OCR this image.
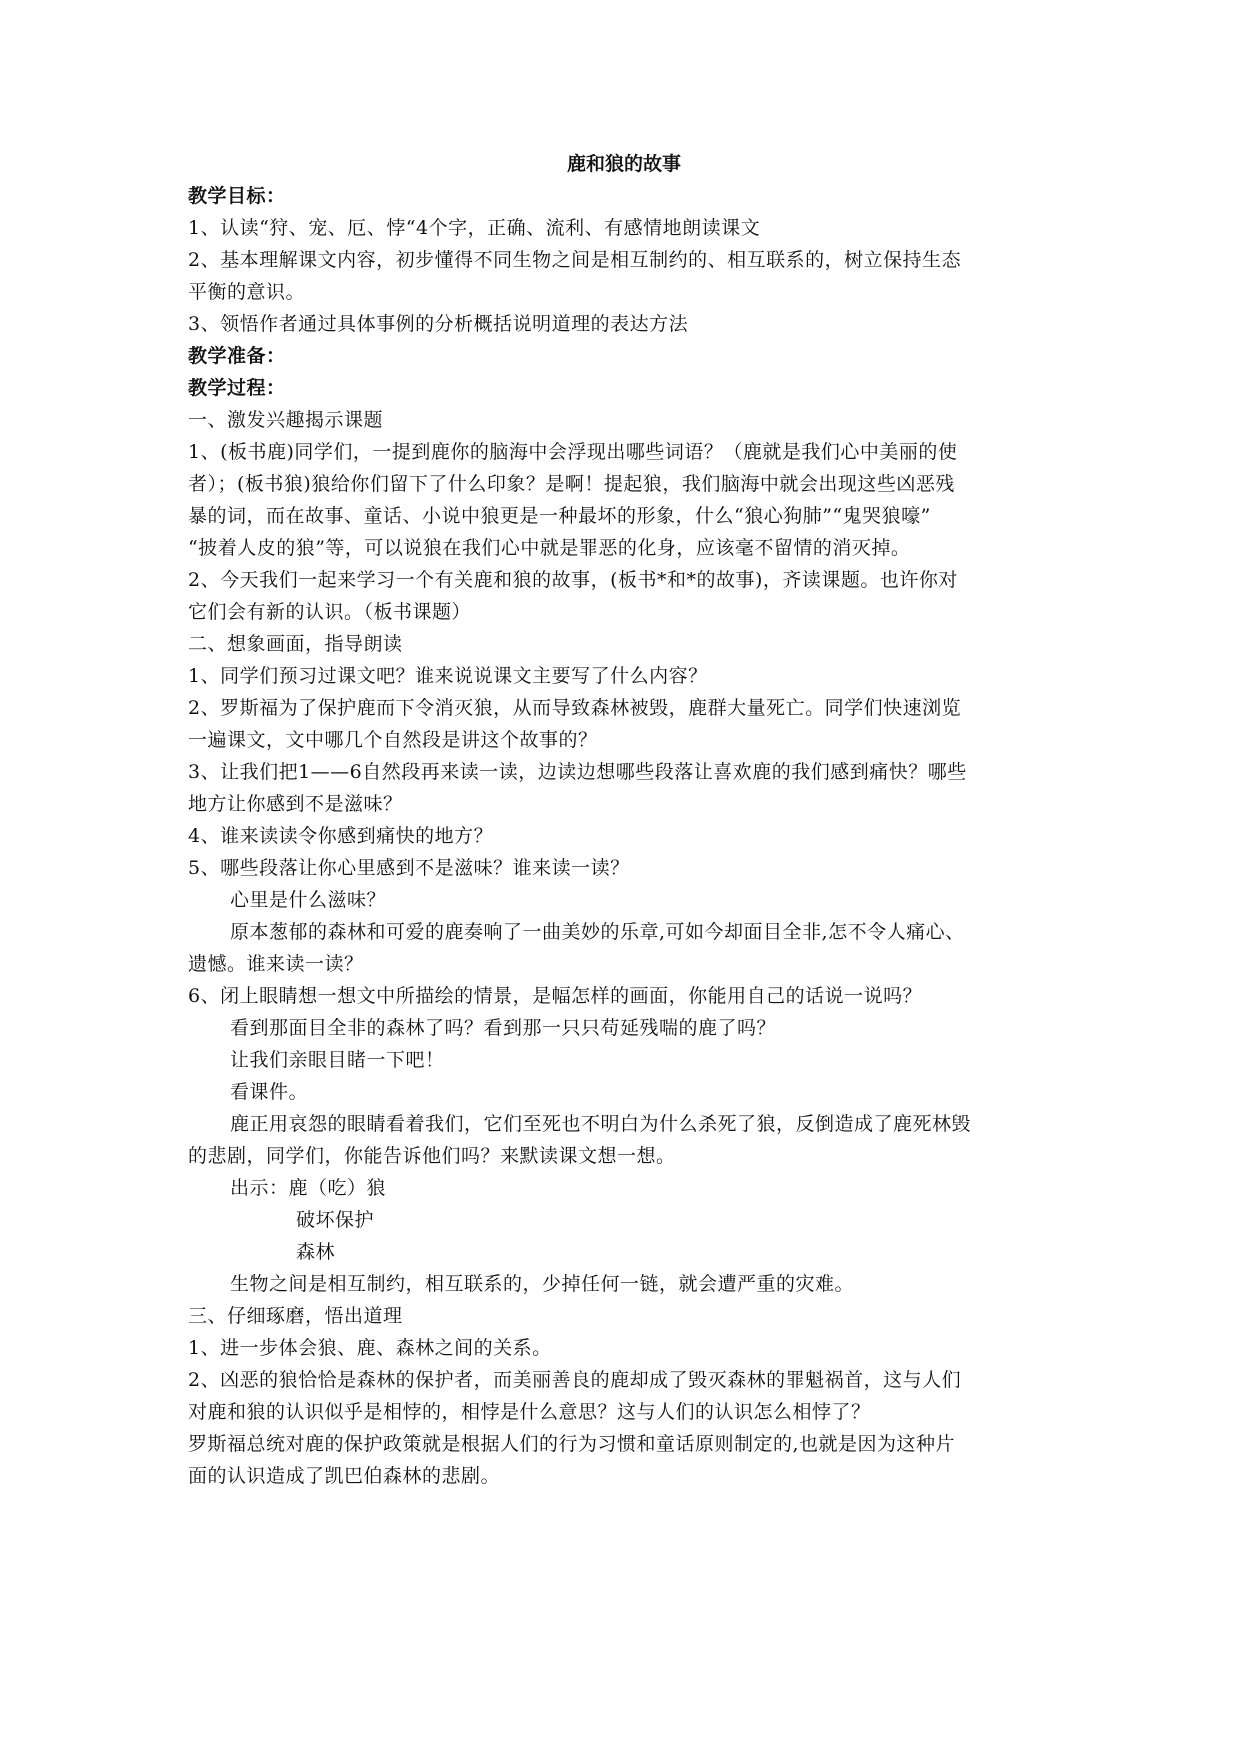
鹿和狼的故事
教学目标：
1、认读“狩、宠、厄、悖“4个字，正确、流利、有感情地朗读课文
2、基本理解课文内容，初步懂得不同生物之间是相互制约的、相互联系的，树立保持生态
平衡的意识。
3、领悟作者通过具体事例的分析概括说明道理的表达方法
教学准备：
教学过程：
一、激发兴趣揭示课题
1、(板书鹿)同学们，一提到鹿你的脑海中会浮现出哪些词语？（鹿就是我们心中美丽的使
者）；(板书狼)狼给你们留下了什么印象？是啊！提起狼，我们脑海中就会出现这些凶恶残
暴的词，而在故事、童话、小说中狼更是一种最坏的形象，什么“狼心狗肺”“鬼哭狼嚎”
“披着人皮的狼”等，可以说狼在我们心中就是罪恶的化身，应该毫不留情的消灭掉。
2、今天我们一起来学习一个有关鹿和狼的故事，(板书*和*的故事)，齐读课题。也许你对
它们会有新的认识。（板书课题）
二、想象画面，指导朗读
1、同学们预习过课文吧？谁来说说课文主要写了什么内容？
2、罗斯福为了保护鹿而下令消灭狼，从而导致森林被毁，鹿群大量死亡。同学们快速浏览
一遍课文，文中哪几个自然段是讲这个故事的？
3、让我们把1——6自然段再来读一读，边读边想哪些段落让喜欢鹿的我们感到痛快？哪些
地方让你感到不是滋味？
4、谁来读读令你感到痛快的地方？
5、哪些段落让你心里感到不是滋味？谁来读一读？
心里是什么滋味？
原本葱郁的森林和可爱的鹿奏响了一曲美妙的乐章,可如今却面目全非,怎不令人痛心、
遗憾。谁来读一读？
6、闭上眼睛想一想文中所描绘的情景，是幅怎样的画面，你能用自己的话说一说吗？
看到那面目全非的森林了吗？看到那一只只苟延残喘的鹿了吗？
让我们亲眼目睹一下吧！
看课件。
鹿正用哀怨的眼睛看着我们，它们至死也不明白为什么杀死了狼，反倒造成了鹿死林毁
的悲剧，同学们，你能告诉他们吗？来默读课文想一想。
出示：鹿（吃）狼
破坏保护
森林
生物之间是相互制约，相互联系的，少掉任何一链，就会遭严重的灾难。
三、仔细琢磨，悟出道理
1、进一步体会狼、鹿、森林之间的关系。
2、凶恶的狼恰恰是森林的保护者，而美丽善良的鹿却成了毁灭森林的罪魁祸首，这与人们
对鹿和狼的认识似乎是相悖的，相悖是什么意思？这与人们的认识怎么相悖了？
罗斯福总统对鹿的保护政策就是根据人们的行为习惯和童话原则制定的,也就是因为这种片
面的认识造成了凯巴伯森林的悲剧。
